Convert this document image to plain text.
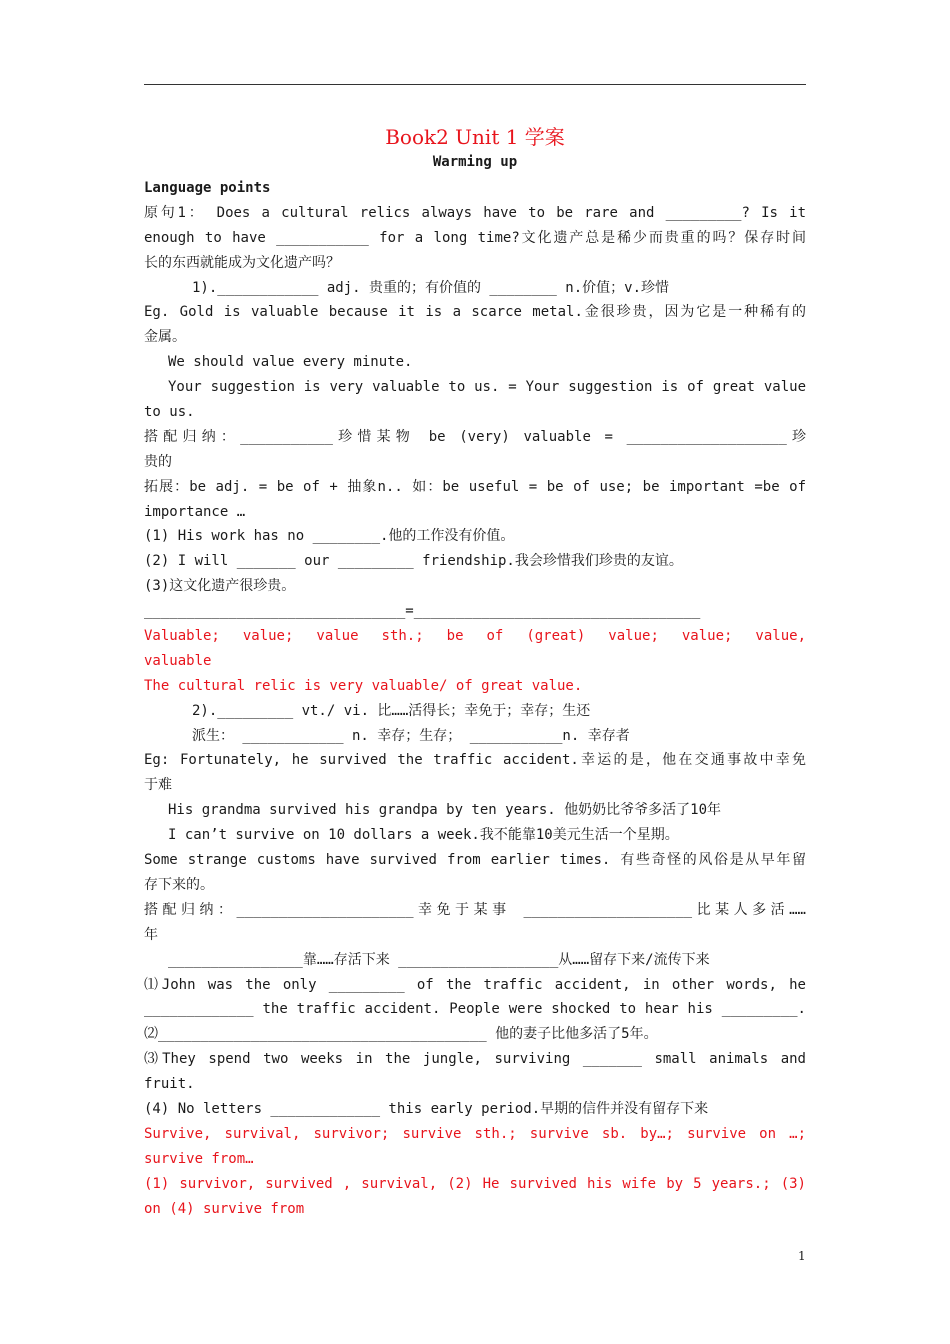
Book2 Unit 1 学案
Warming up
Language points
原句1： Does a cultural relics always have to be rare and _________? Is it
enough to have ___________ for a long time?文化遗产总是稀少而贵重的吗？保存时间
长的东西就能成为文化遗产吗？
1).____________ adj. 贵重的；有价值的 ________ n.价值；v.珍惜
Eg. Gold is valuable because it is a scarce metal.金很珍贵，因为它是一种稀有的
金属。
We should value every minute.
Your suggestion is very valuable to us. = Your suggestion is of great value
to us.
搭配归纳：___________珍惜某物 be (very) valuable = ___________________珍
贵的
拓展：be adj. = be of + 抽象n.. 如：be useful = be of use; be important =be of
importance …
(1) His work has no ________.他的工作没有价值。
(2) I will _______ our _________ friendship.我会珍惜我们珍贵的友谊。
(3)这文化遗产很珍贵。
_______________________________=__________________________________
Valuable; value; value sth.; be of (great) value; value; value,
valuable
The cultural relic is very valuable/ of great value.
2)._________ vt./ vi. 比……活得长；幸免于；幸存；生还
派生： ____________ n. 幸存；生存； ___________n. 幸存者
Eg: Fortunately, he survived the traffic accident.幸运的是，他在交通事故中幸免
于难
His grandma survived his grandpa by ten years. 他奶奶比爷爷多活了10年
I can’t survive on 10 dollars a week.我不能靠10美元生活一个星期。
Some strange customs have survived from earlier times. 有些奇怪的风俗是从早年留
存下来的。
搭配归纳：_____________________幸免于某事 ____________________比某人多活……
年
________________靠……存活下来 ___________________从……留存下来/流传下来
⑴John was the only _________ of the traffic accident, in other words, he
_____________ the traffic accident. People were shocked to hear his _________.
⑵_______________________________________ 他的妻子比他多活了5年。
⑶They spend two weeks in the jungle, surviving _______ small animals and
fruit.
(4) No letters _____________ this early period.早期的信件并没有留存下来
Survive, survival, survivor; survive sth.; survive sb. by…; survive on …;
survive from…
(1) survivor, survived , survival, (2) He survived his wife by 5 years.; (3)
on (4) survive from
1
